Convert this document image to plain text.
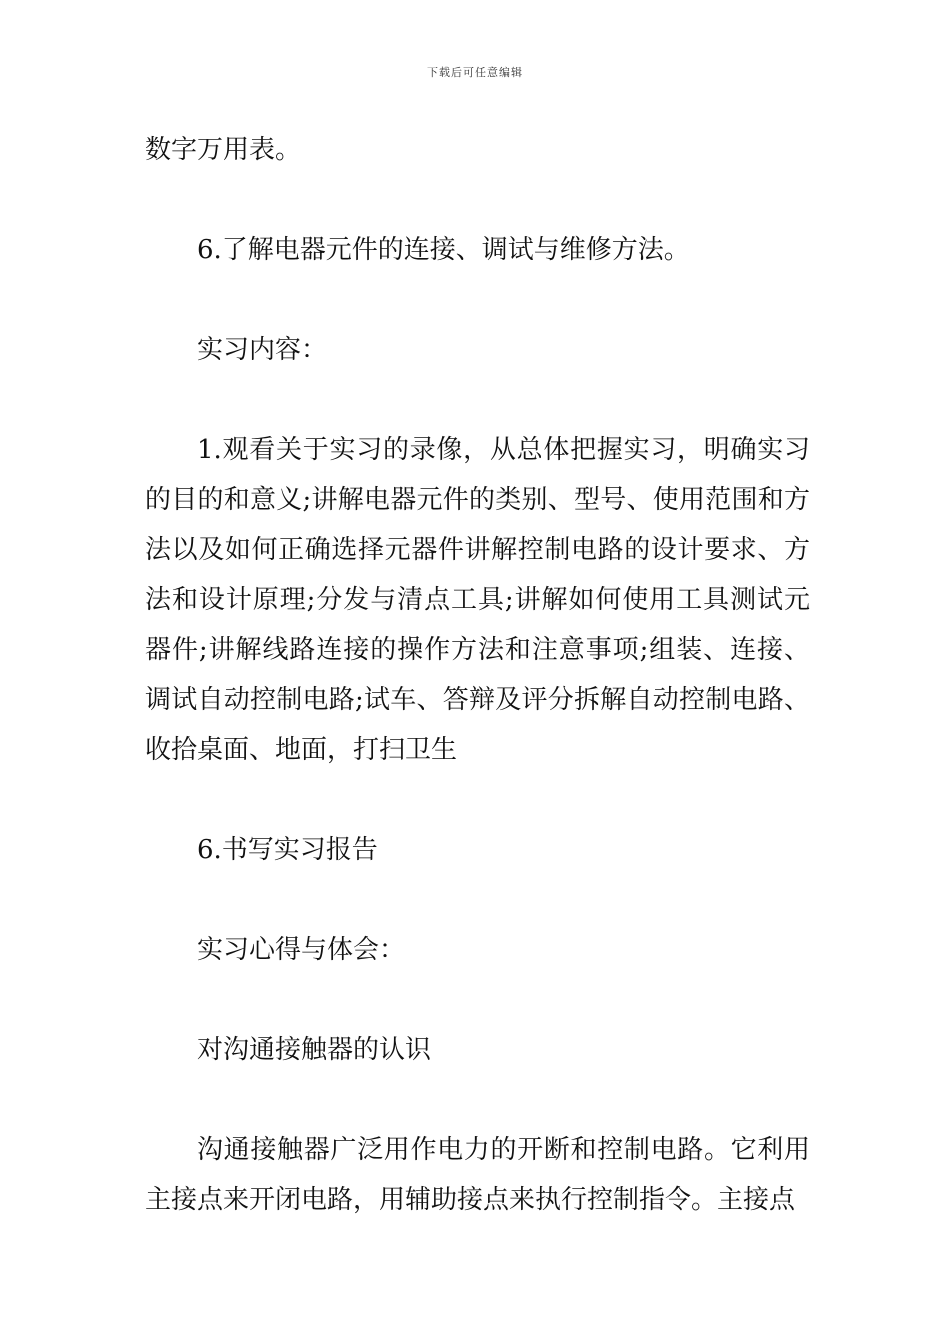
下载后可任意编辑

数字万用表。

6.了解电器元件的连接、调试与维修方法。

实习内容：

1.观看关于实习的录像，从总体把握实习，明确实习的目的和意义;讲解电器元件的类别、型号、使用范围和方法以及如何正确选择元器件讲解控制电路的设计要求、方法和设计原理;分发与清点工具;讲解如何使用工具测试元器件;讲解线路连接的操作方法和注意事项;组装、连接、调试自动控制电路;试车、答辩及评分拆解自动控制电路、收拾桌面、地面，打扫卫生

6.书写实习报告

实习心得与体会：

对沟通接触器的认识

沟通接触器广泛用作电力的开断和控制电路。它利用主接点来开闭电路，用辅助接点来执行控制指令。主接点
